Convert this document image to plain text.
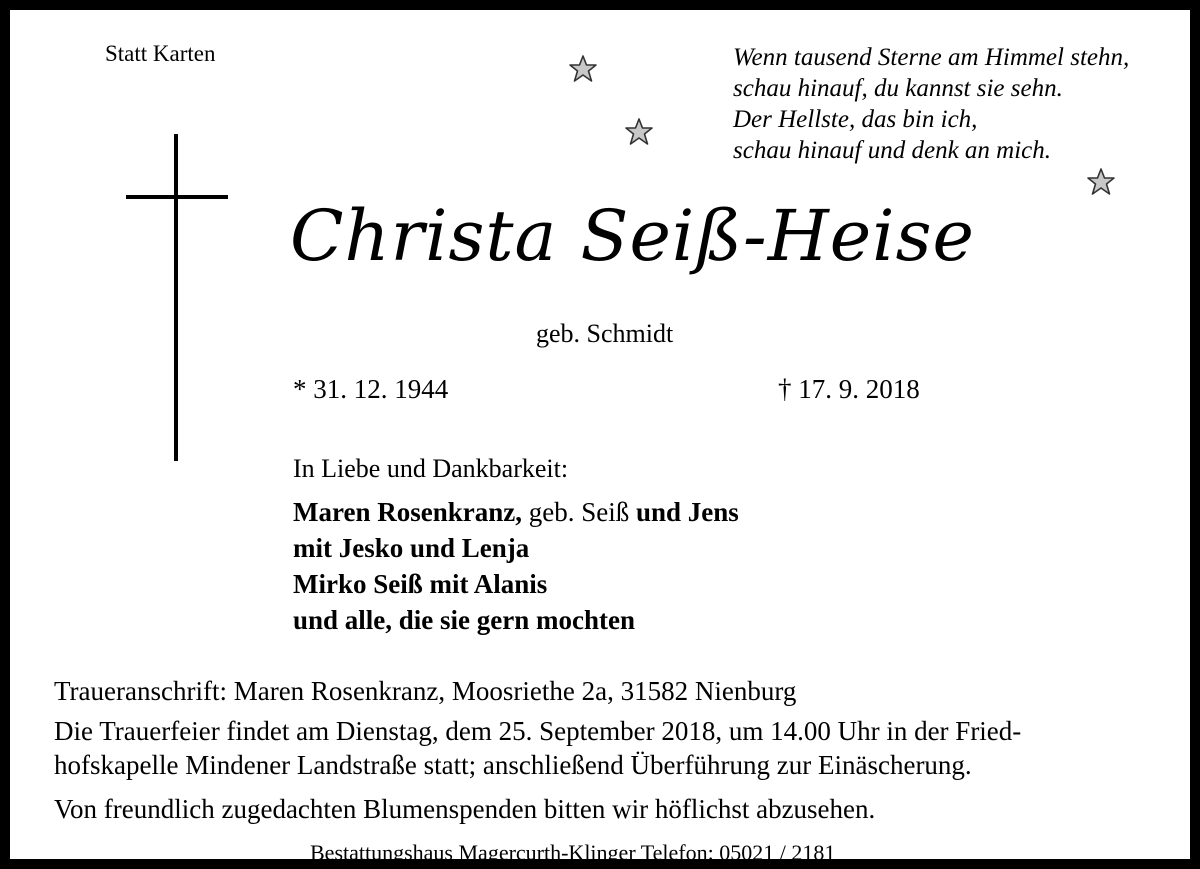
Statt Karten	Wenn tausend Sterne am Himmel stehn,
schau hinauf, du kannst sie sehn.
Der Hellste, das bin ich,
schau hinauf und denk an mich.
Christa Seiß-Heise
geb. Schmidt
* 31. 12. 1944	† 17. 9. 2018
In Liebe und Dankbarkeit:
Maren Rosenkranz, geb. Seiß und Jens
mit Jesko und Lenja
Mirko Seiß mit Alanis
und alle, die sie gern mochten
Traueranschrift: Maren Rosenkranz, Moosriethe 2a, 31582 Nienburg
Die Trauerfeier findet am Dienstag, dem 25. September 2018, um 14.00 Uhr in der Fried-
hofskapelle Mindener Landstraße statt; anschließend Überführung zur Einäscherung.
Von freundlich zugedachten Blumenspenden bitten wir höflichst abzusehen.
Bestattungshaus Magercurth-Klinger Telefon: 05021 / 2181
